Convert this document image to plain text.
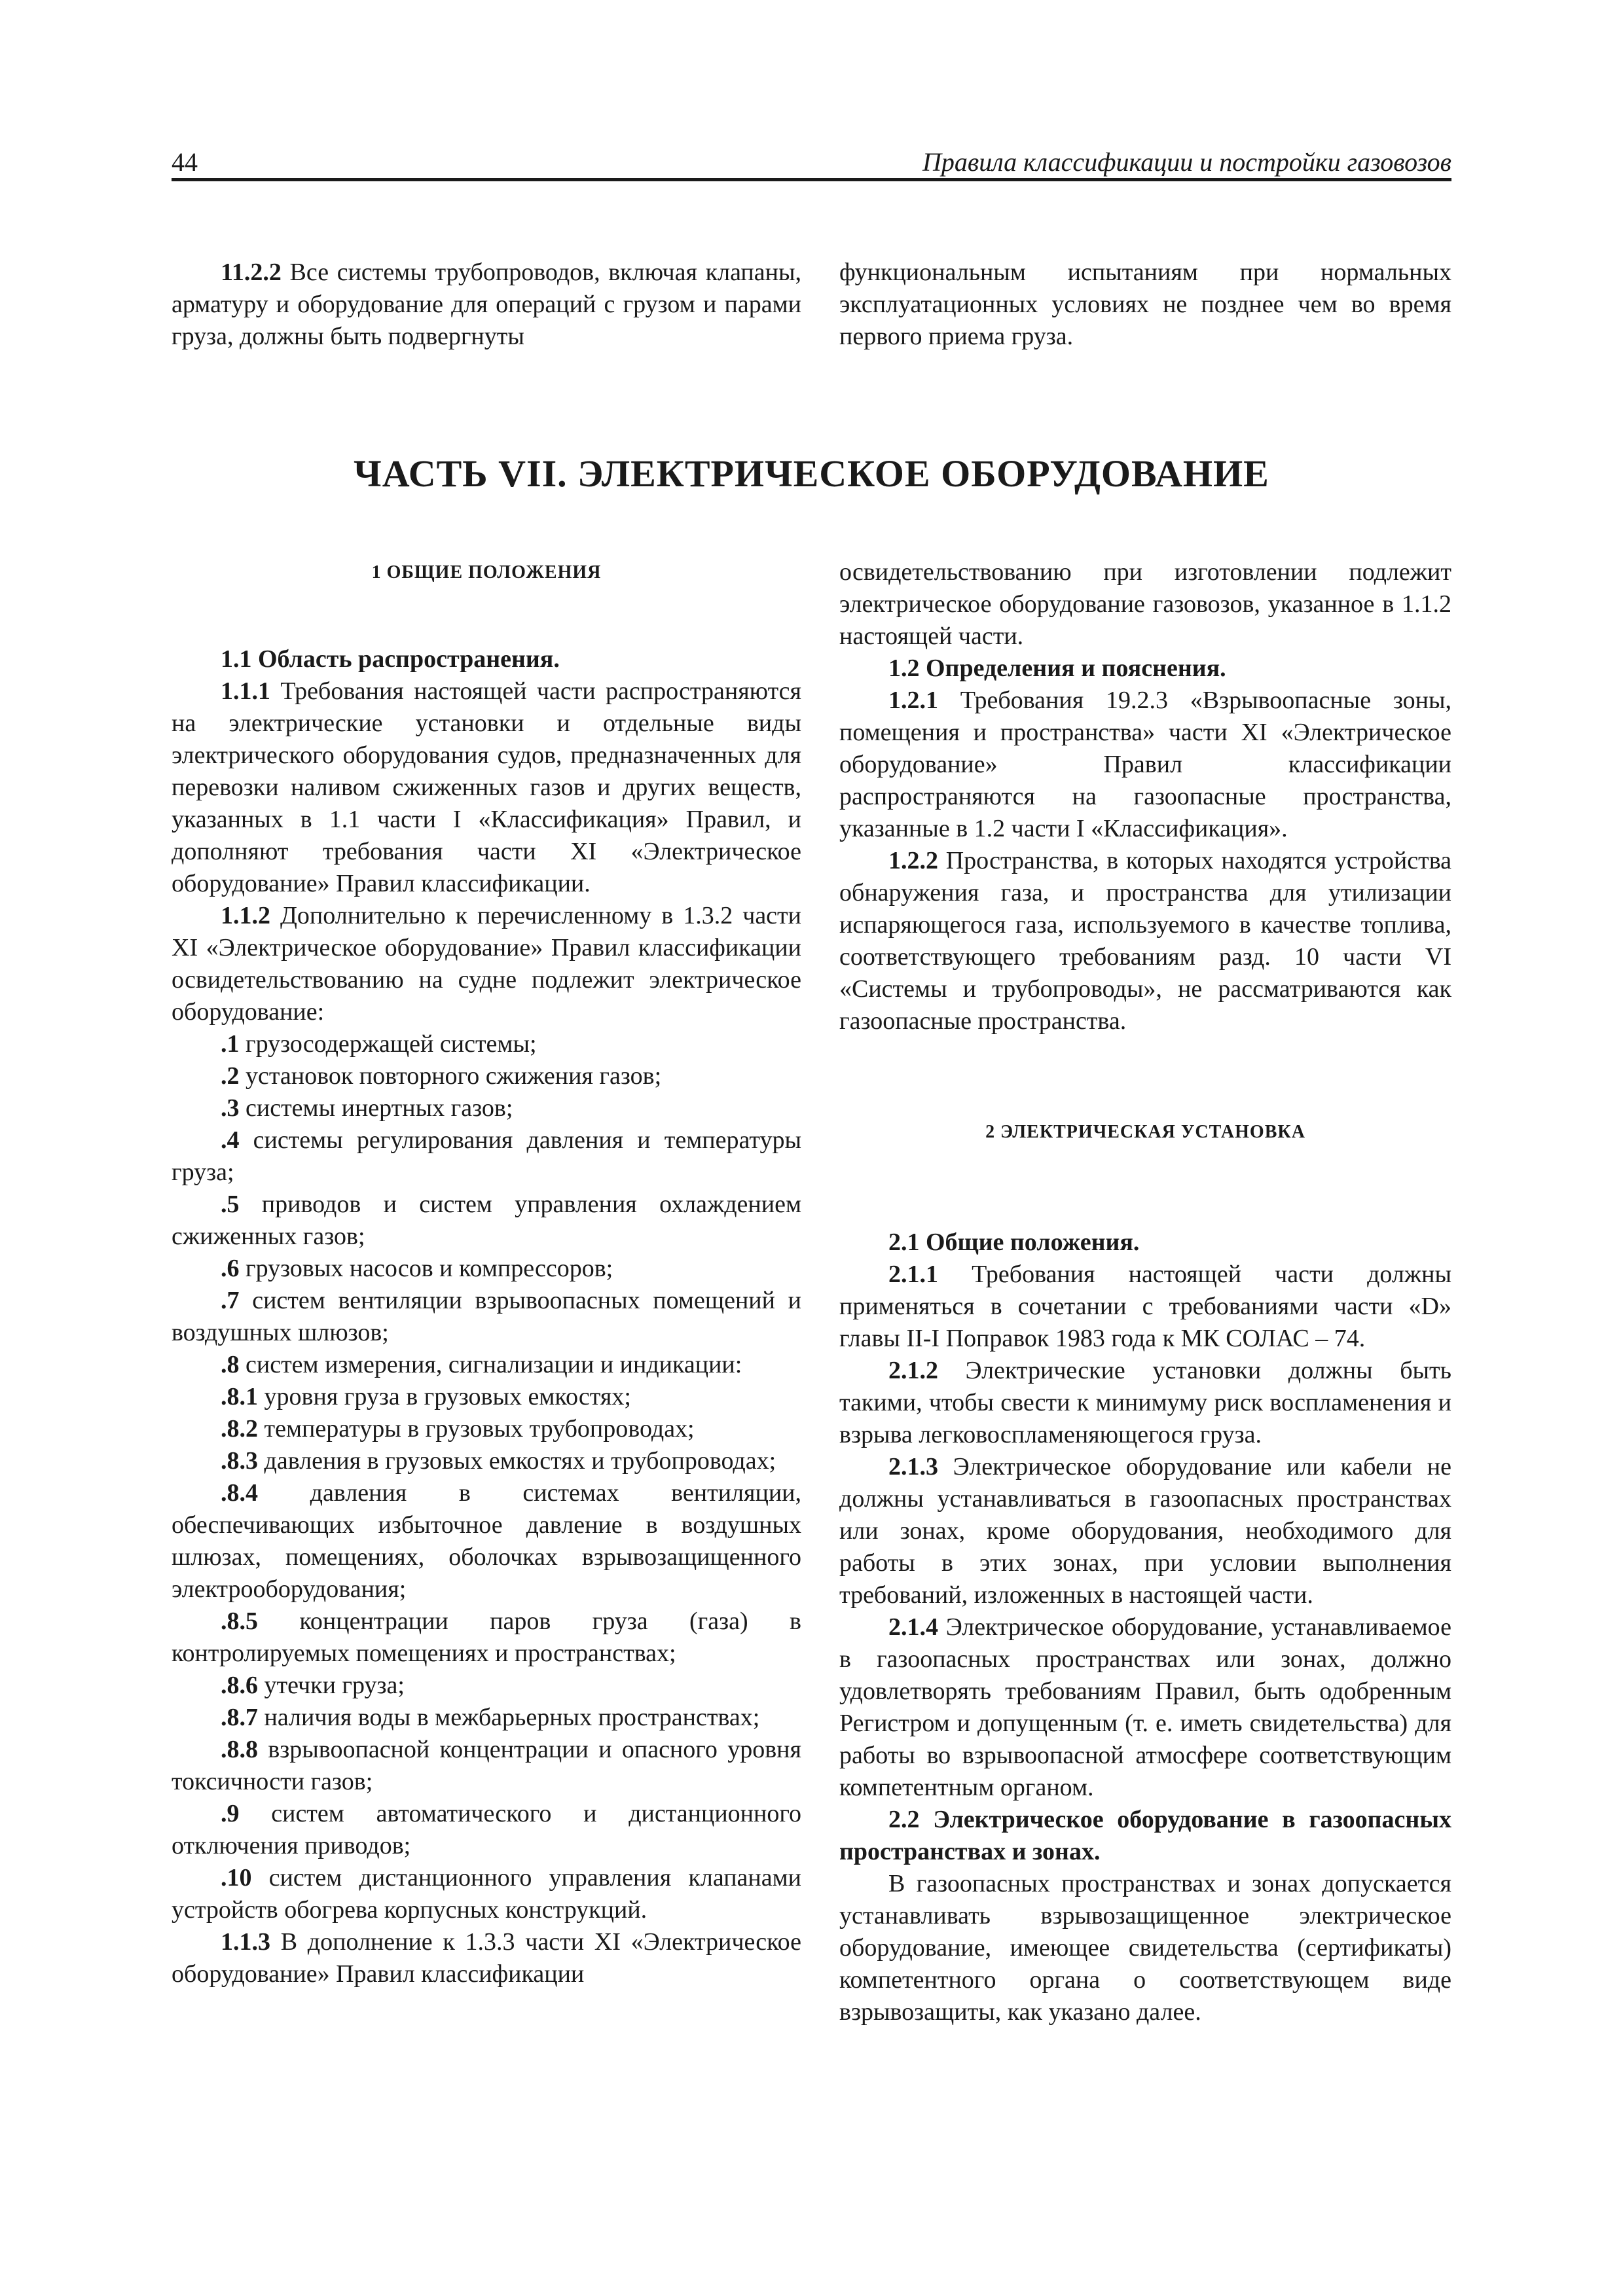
44	Правила классификации и постройки газовозов

11.2.2 Все системы трубопроводов, включая клапаны, арматуру и оборудование для операций с грузом и парами груза, должны быть подвергнуты

функциональным испытаниям при нормальных эксплуатационных условиях не позднее чем во время первого приема груза.

ЧАСТЬ VII. ЭЛЕКТРИЧЕСКОЕ ОБОРУДОВАНИЕ

1 ОБЩИЕ ПОЛОЖЕНИЯ

1.1 Область распространения.

1.1.1 Требования настоящей части распространяются на электрические установки и отдельные виды электрического оборудования судов, предназначенных для перевозки наливом сжиженных газов и других веществ, указанных в 1.1 части I «Классификация» Правил, и дополняют требования части XI «Электрическое оборудование» Правил классификации.

1.1.2 Дополнительно к перечисленному в 1.3.2 части XI «Электрическое оборудование» Правил классификации освидетельствованию на судне подлежит электрическое оборудование:

.1 грузосодержащей системы;

.2 установок повторного сжижения газов;

.3 системы инертных газов;

.4 системы регулирования давления и температуры груза;

.5 приводов и систем управления охлаждением сжиженных газов;

.6 грузовых насосов и компрессоров;

.7 систем вентиляции взрывоопасных помещений и воздушных шлюзов;

.8 систем измерения, сигнализации и индикации:

.8.1 уровня груза в грузовых емкостях;

.8.2 температуры в грузовых трубопроводах;

.8.3 давления в грузовых емкостях и трубопроводах;

.8.4 давления в системах вентиляции, обеспечивающих избыточное давление в воздушных шлюзах, помещениях, оболочках взрывозащищенного электрооборудования;

.8.5 концентрации паров груза (газа) в контролируемых помещениях и пространствах;

.8.6 утечки груза;

.8.7 наличия воды в межбарьерных пространствах;

.8.8 взрывоопасной концентрации и опасного уровня токсичности газов;

.9 систем автоматического и дистанционного отключения приводов;

.10 систем дистанционного управления клапанами устройств обогрева корпусных конструкций.

1.1.3 В дополнение к 1.3.3 части XI «Электрическое оборудование» Правил классификации

освидетельствованию при изготовлении подлежит электрическое оборудование газовозов, указанное в 1.1.2 настоящей части.

1.2 Определения и пояснения.

1.2.1 Требования 19.2.3 «Взрывоопасные зоны, помещения и пространства» части XI «Электрическое оборудование» Правил классификации распространяются на газоопасные пространства, указанные в 1.2 части I «Классификация».

1.2.2 Пространства, в которых находятся устройства обнаружения газа, и пространства для утилизации испаряющегося газа, используемого в качестве топлива, соответствующего требованиям разд. 10 части VI «Системы и трубопроводы», не рассматриваются как газоопасные пространства.

2 ЭЛЕКТРИЧЕСКАЯ УСТАНОВКА

2.1 Общие положения.

2.1.1 Требования настоящей части должны применяться в сочетании с требованиями части «D» главы II-I Поправок 1983 года к МК СОЛАС – 74.

2.1.2 Электрические установки должны быть такими, чтобы свести к минимуму риск воспламенения и взрыва легковоспламеняющегося груза.

2.1.3 Электрическое оборудование или кабели не должны устанавливаться в газоопасных пространствах или зонах, кроме оборудования, необходимого для работы в этих зонах, при условии выполнения требований, изложенных в настоящей части.

2.1.4 Электрическое оборудование, устанавливаемое в газоопасных пространствах или зонах, должно удовлетворять требованиям Правил, быть одобренным Регистром и допущенным (т. е. иметь свидетельства) для работы во взрывоопасной атмосфере соответствующим компетентным органом.

2.2 Электрическое оборудование в газоопасных пространствах и зонах.

В газоопасных пространствах и зонах допускается устанавливать взрывозащищенное электрическое оборудование, имеющее свидетельства (сертификаты) компетентного органа о соответствующем виде взрывозащиты, как указано далее.
